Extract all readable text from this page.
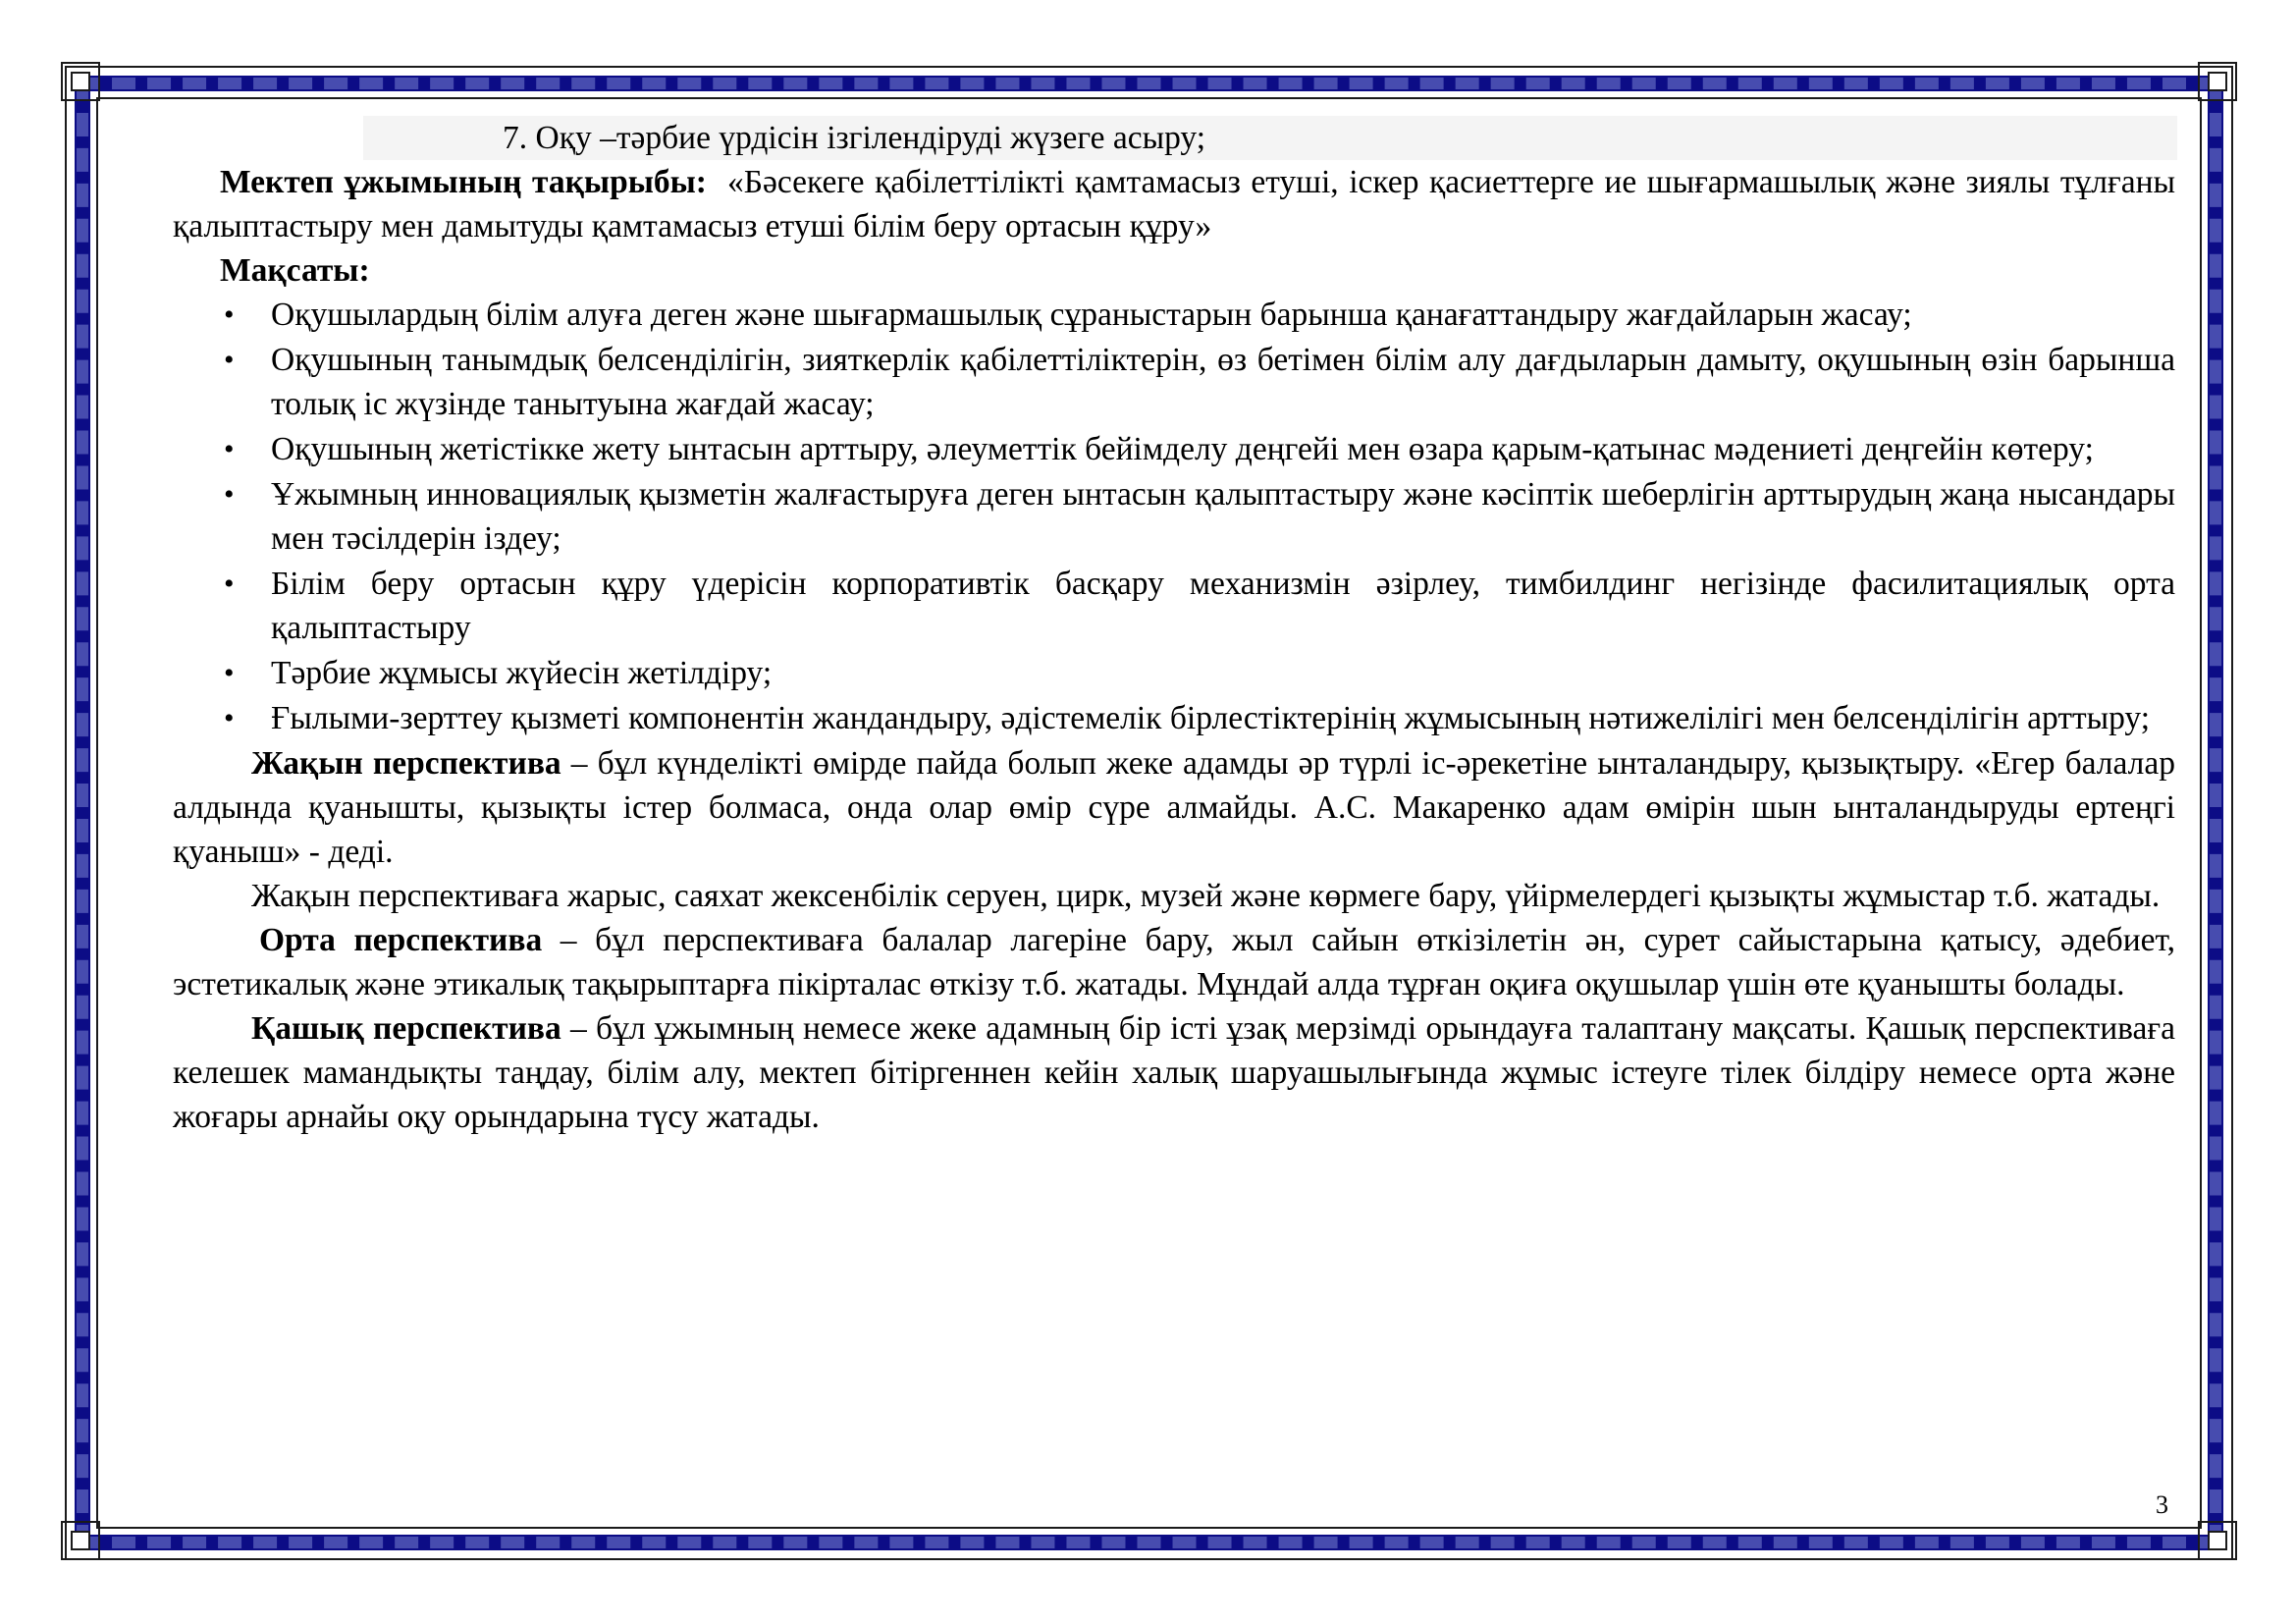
7. Оқу –тәрбие үрдісін ізгілендіруді жүзеге асыру;

Мектеп ұжымының тақырыбы: «Бәсекеге қабілеттілікті қамтамасыз етуші, іскер қасиеттерге ие шығармашылық және зиялы тұлғаны қалыптастыру мен дамытуды қамтамасыз етуші білім беру ортасын құру»

Мақсаты:

• Оқушылардың білім алуға деген және шығармашылық сұраныстарын барынша қанағаттандыру жағдайларын жасау;
• Оқушының танымдық белсенділігін, зияткерлік қабілеттіліктерін, өз бетімен білім алу дағдыларын дамыту, оқушының өзін барынша толық іс жүзінде танытуына жағдай жасау;
• Оқушының жетістікке жету ынтасын арттыру, әлеуметтік бейімделу деңгейі мен өзара қарым-қатынас мәдениеті деңгейін көтеру;
• Ұжымның инновациялық қызметін жалғастыруға деген ынтасын қалыптастыру және кәсіптік шеберлігін арттырудың жаңа нысандары мен тәсілдерін іздеу;
• Білім беру ортасын құру үдерісін корпоративтік басқару механизмін әзірлеу, тимбилдинг негізінде фасилитациялық орта қалыптастыру
• Тәрбие жұмысы жүйесін жетілдіру;
• Ғылыми-зерттеу қызметі компонентін жандандыру, әдістемелік бірлестіктерінің жұмысының нәтижелілігі мен белсенділігін арттыру;

Жақын перспектива – бұл күнделікті өмірде пайда болып жеке адамды әр түрлі іс-әрекетіне ынталандыру, қызықтыру. «Егер балалар алдында қуанышты, қызықты істер болмаса, онда олар өмір сүре алмайды. А.С. Макаренко адам өмірін шын ынталандыруды ертеңгі қуаныш» - деді.

Жақын перспективаға жарыс, саяхат жексенбілік серуен, цирк, музей және көрмеге бару, үйірмелердегі қызықты жұмыстар т.б. жатады.

Орта перспектива – бұл перспективаға балалар лагеріне бару, жыл сайын өткізілетін ән, сурет сайыстарына қатысу, әдебиет, эстетикалық және этикалық тақырыптарға пікірталас өткізу т.б. жатады. Мұндай алда тұрған оқиға оқушылар үшін өте қуанышты болады.

Қашық перспектива – бұл ұжымның немесе жеке адамның бір істі ұзақ мерзімді орындауға талаптану мақсаты. Қашық перспективаға келешек мамандықты таңдау, білім алу, мектеп бітіргеннен кейін халық шаруашылығында жұмыс істеуге тілек білдіру немесе орта және жоғары арнайы оқу орындарына түсу жатады.

3
